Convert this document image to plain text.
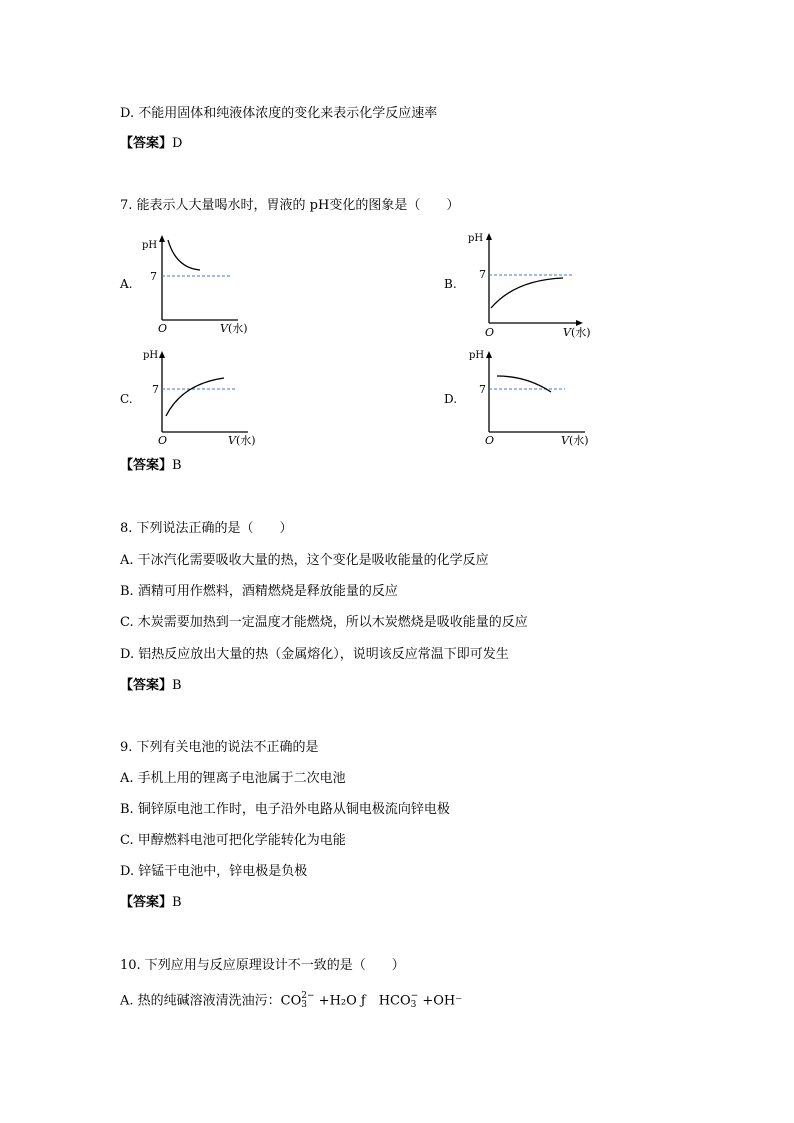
D. 不能用固体和纯液体浓度的变化来表示化学反应速率
【答案】D
7. 能表示人大量喝水时，胃液的 pH变化的图象是（　　）
A.
pH
7
O	V(水)
B.
pH
7
O	V(水)
C.
pH
7
O	V(水)
D.
pH
7
O	V(水)
【答案】B
8. 下列说法正确的是（　　）
A. 干冰汽化需要吸收大量的热，这个变化是吸收能量的化学反应
B. 酒精可用作燃料，酒精燃烧是释放能量的反应
C. 木炭需要加热到一定温度才能燃烧，所以木炭燃烧是吸收能量的反应
D. 铝热反应放出大量的热（金属熔化），说明该反应常温下即可发生
【答案】B
9. 下列有关电池的说法不正确的是
A. 手机上用的锂离子电池属于二次电池
B. 铜锌原电池工作时，电子沿外电路从铜电极流向锌电极
C. 甲醇燃料电池可把化学能转化为电能
D. 锌锰干电池中，锌电极是负极
【答案】B
10. 下列应用与反应原理设计不一致的是（　　）
A. 热的纯碱溶液清洗油污：CO 2−
3 +H₂O ƒ　HCO −
3 +OH⁻
